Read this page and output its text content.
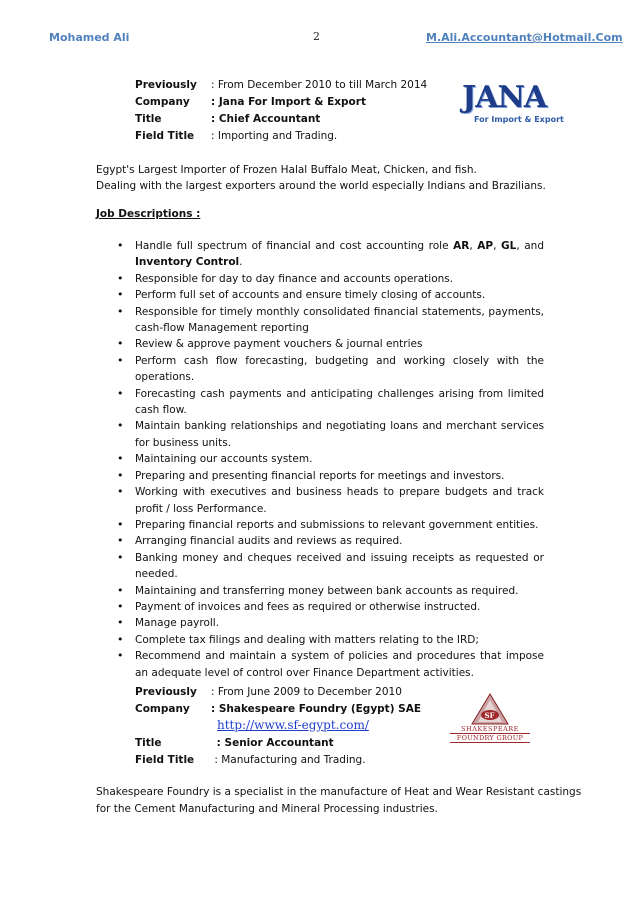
Mohamed Ali	2	M.Ali.Accountant@Hotmail.Com
Previously : From December 2010 to till March 2014
Company : Jana For Import & Export
Title	: Chief Accountant
Field Title : Importing and Trading.
JANA
For Import & Export
Egypt's Largest Importer of Frozen Halal Buffalo Meat, Chicken, and fish.
Dealing with the largest exporters around the world especially Indians and Brazilians.
Job Descriptions :
•	Handle full spectrum of financial and cost accounting role AR, AP, GL, and Inventory Control.
•	Responsible for day to day finance and accounts operations.
•	Perform full set of accounts and ensure timely closing of accounts.
•	Responsible for timely monthly consolidated financial statements, payments, cash-flow Management reporting
•	Review & approve payment vouchers & journal entries
•	Perform cash flow forecasting, budgeting and working closely with the operations.
•	Forecasting cash payments and anticipating challenges arising from limited cash flow.
•	Maintain banking relationships and negotiating loans and merchant services for business units.
•	Maintaining our accounts system.
•	Preparing and presenting financial reports for meetings and investors.
•	Working with executives and business heads to prepare budgets and track profit / loss Performance.
•	Preparing financial reports and submissions to relevant government entities.
•	Arranging financial audits and reviews as required.
•	Banking money and cheques received and issuing receipts as requested or needed.
•	Maintaining and transferring money between bank accounts as required.
•	Payment of invoices and fees as required or otherwise instructed.
•	Manage payroll.
•	Complete tax filings and dealing with matters relating to the IRD;
•	Recommend and maintain a system of policies and procedures that impose an adequate level of control over Finance Department activities.
Previously : From June 2009 to December 2010
Company : Shakespeare Foundry (Egypt) SAE
http://www.sf-egypt.com/
Title	: Senior Accountant
Field Title : Manufacturing and Trading.
SF
SHAKESPEARE
FOUNDRY GROUP
Shakespeare Foundry is a specialist in the manufacture of Heat and Wear Resistant castings
for the Cement Manufacturing and Mineral Processing industries.
